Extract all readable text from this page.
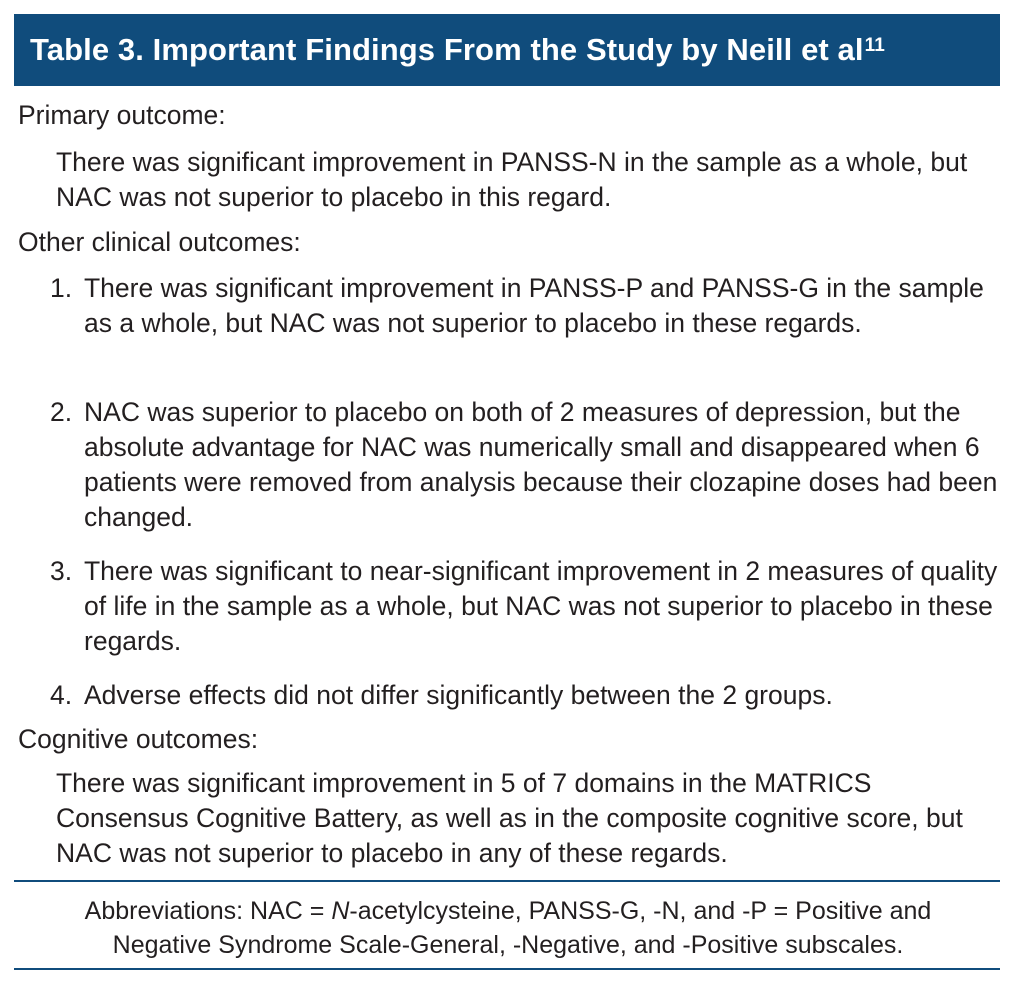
Table 3. Important Findings From the Study by Neill et $al^{11}$
Primary outcome:
There was significant improvement in PANSS-N in the sample as a whole, but NAC was not superior to placebo in this regard.
Other clinical outcomes:
1. There was significant improvement in PANSS-P and PANSS-G in the sample as a whole, but NAC was not superior to placebo in these regards.
2. NAC was superior to placebo on both of 2 measures of depression, but the absolute advantage for NAC was numerically small and disappeared when 6 patients were removed from analysis because their clozapine doses had been changed.
3. There was significant to near-significant improvement in 2 measures of quality of life in the sample as a whole, but NAC was not superior to placebo in these regards.
4. Adverse effects did not differ significantly between the 2 groups.
Cognitive outcomes:
There was significant improvement in 5 of 7 domains in the MATRICS Consensus Cognitive Battery, as well as in the composite cognitive score, but NAC was not superior to placebo in any of these regards.
Abbreviations: NAC = N-acetylcysteine, PANSS-G, -N, and -P = Positive and
Negative Syndrome Scale-General, -Negative, and -Positive subscales.
